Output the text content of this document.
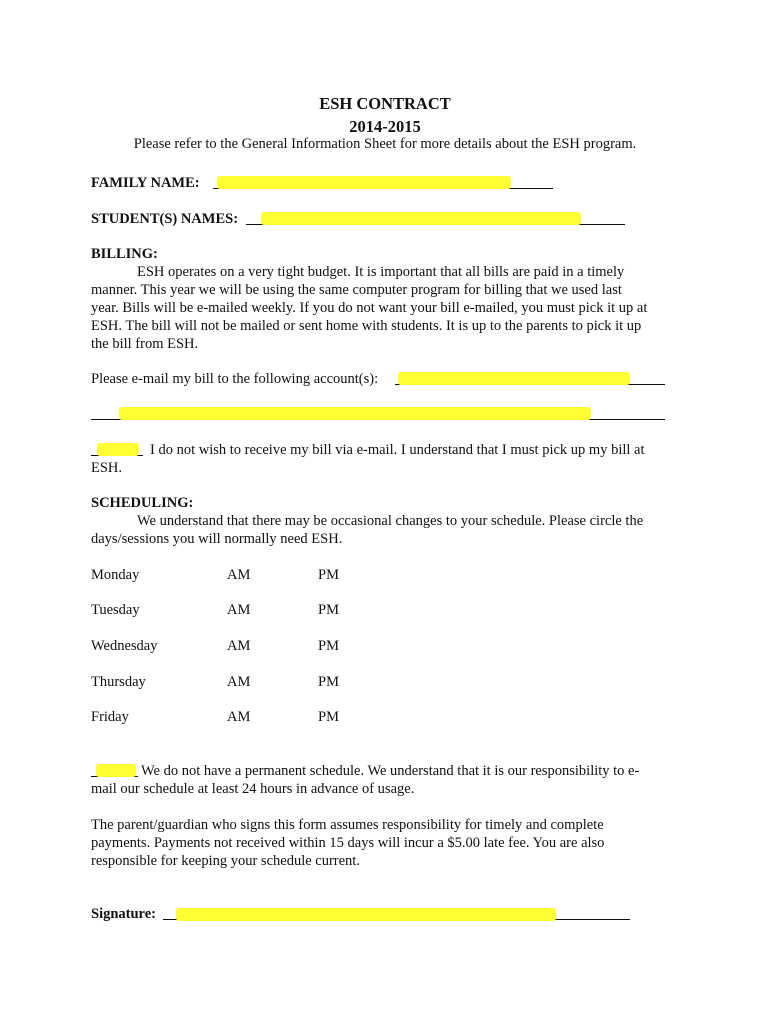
ESH CONTRACT
2014-2015
Please refer to the General Information Sheet for more details about the ESH program.
FAMILY NAME:
STUDENT(S) NAMES:
BILLING:
ESH operates on a very tight budget. It is important that all bills are paid in a timely
manner. This year we will be using the same computer program for billing that we used last
year. Bills will be e-mailed weekly. If you do not want your bill e-mailed, you must pick it up at
ESH. The bill will not be mailed or sent home with students. It is up to the parents to pick it up
the bill from ESH.
Please e-mail my bill to the following account(s):
I do not wish to receive my bill via e-mail. I understand that I must pick up my bill at
ESH.
SCHEDULING:
We understand that there may be occasional changes to your schedule. Please circle the
days/sessions you will normally need ESH.
Monday	AM	PM
Tuesday	AM	PM
Wednesday	AM	PM
Thursday	AM	PM
Friday	AM	PM
We do not have a permanent schedule. We understand that it is our responsibility to e-
mail our schedule at least 24 hours in advance of usage.
The parent/guardian who signs this form assumes responsibility for timely and complete
payments. Payments not received within 15 days will incur a $5.00 late fee. You are also
responsible for keeping your schedule current.
Signature:
